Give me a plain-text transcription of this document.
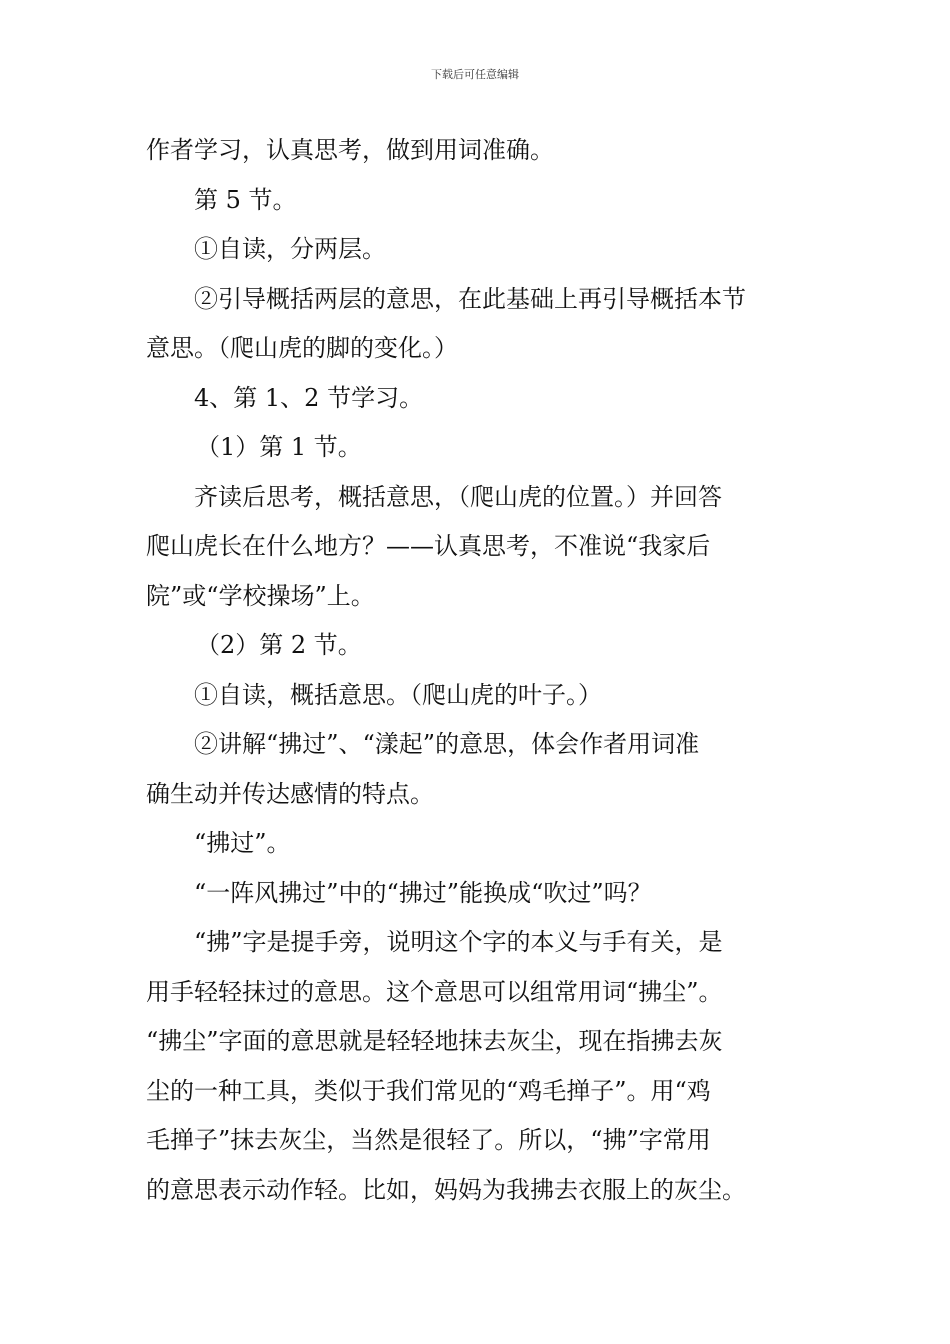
下载后可任意编辑

作者学习，认真思考，做到用词准确。

第 5 节。

①自读，分两层。

②引导概括两层的意思，在此基础上再引导概括本节
意思。（爬山虎的脚的变化。）

4、第 1、2 节学习。

（1）第 1 节。

齐读后思考，概括意思，（爬山虎的位置。）并回答
爬山虎长在什么地方？——认真思考，不准说“我家后
院”或“学校操场”上。

（2）第 2 节。

①自读，概括意思。（爬山虎的叶子。）

②讲解“拂过”、“漾起”的意思，体会作者用词准
确生动并传达感情的特点。

“拂过”。

“一阵风拂过”中的“拂过”能换成“吹过”吗？

“拂”字是提手旁，说明这个字的本义与手有关，是
用手轻轻抹过的意思。这个意思可以组常用词“拂尘”。
“拂尘”字面的意思就是轻轻地抹去灰尘，现在指拂去灰
尘的一种工具，类似于我们常见的“鸡毛掸子”。用“鸡
毛掸子”抹去灰尘，当然是很轻了。所以，“拂”字常用
的意思表示动作轻。比如，妈妈为我拂去衣服上的灰尘。
